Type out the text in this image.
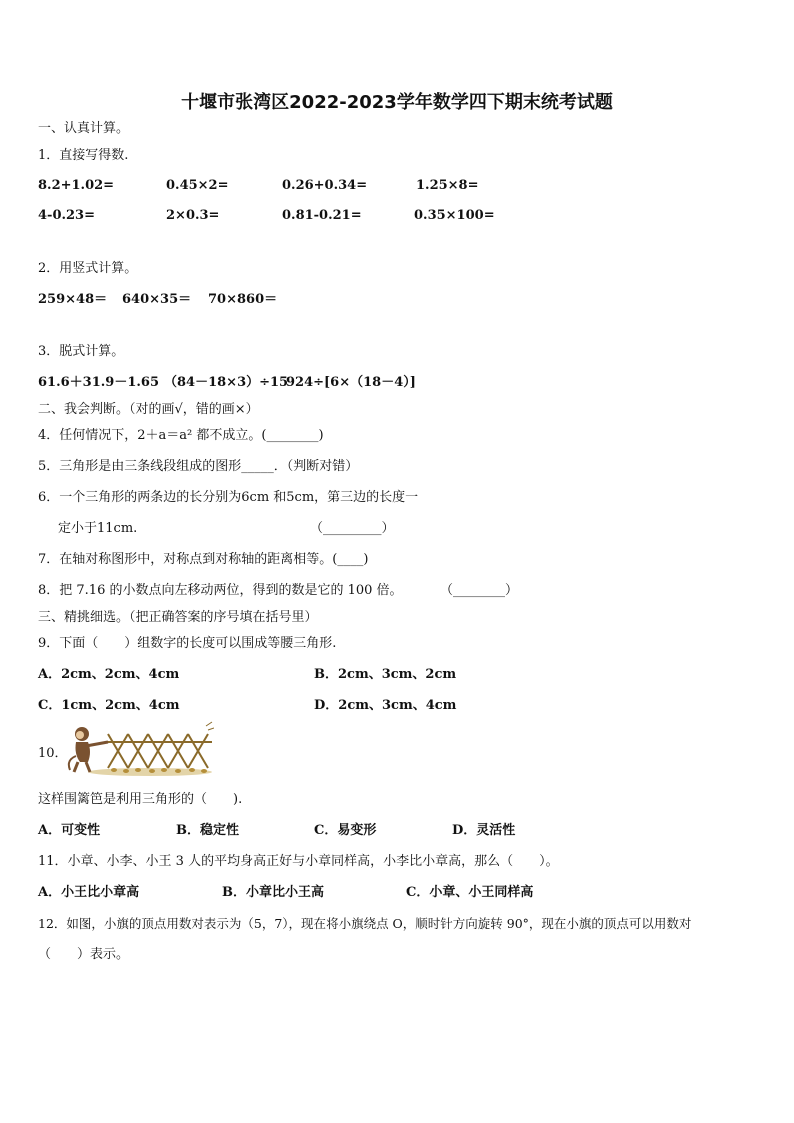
十堰市张湾区2022-2023学年数学四下期末统考试题
一、认真计算。
1．直接写得数.
8.2+1.02=	0.45×2=	0.26+0.34=	1.25×8=
4-0.23=	2×0.3=	0.81-0.21=	0.35×100=
2．用竖式计算。
259×48＝ 640×35＝ 70×860＝
3．脱式计算。
61.6＋31.9－1.65 （84－18×3）÷15
924÷[6×（18－4）]
二、我会判断。（对的画√，错的画×）
4．任何情况下，2＋a＝a² 都不成立。(________)
5．三角形是由三条线段组成的图形_____．（判断对错）
6．一个三角形的两条边的长分别为6cm 和5cm，第三边的长度一
定小于11cm.	（_________）
7．在轴对称图形中，对称点到对称轴的距离相等。(____)
8．把 7.16 的小数点向左移动两位，得到的数是它的 100 倍。	（________）
三、精挑细选。（把正确答案的序号填在括号里）
9．下面（　　）组数字的长度可以围成等腰三角形.
A．2cm、2cm、4cm	B．2cm、3cm、2cm
C．1cm、2cm、4cm	D．2cm、3cm、4cm
10．
这样围篱笆是利用三角形的（　　).
A．可变性	B．稳定性	C．易变形	D．灵活性
11．小章、小李、小王 3 人的平均身高正好与小章同样高，小李比小章高，那么（　　）。
A．小王比小章高	B．小章比小王高	C．小章、小王同样高
12．如图，小旗的顶点用数对表示为（5，7），现在将小旗绕点 O，顺时针方向旋转 90°，现在小旗的顶点可以用数对
（　　）表示。
